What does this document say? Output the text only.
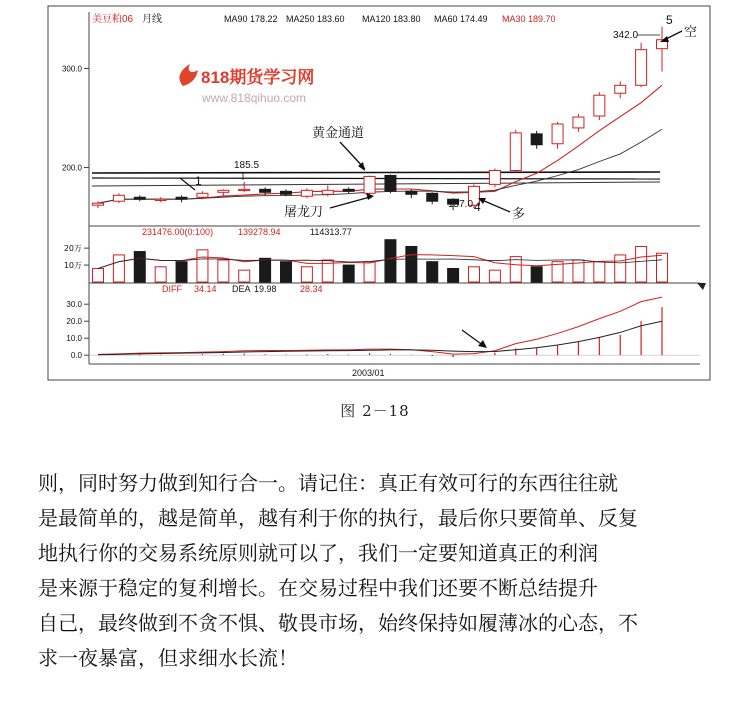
美豆粕06 月线	MA90 178.22 MA250 183.60 MA120 183.80 MA60 174.49 MA30 189.70
818期货学习网
www.818qihuo.com
300.0
200.0	185.5
157.0
342.0
黄金通道
屠龙刀	多
空
1
4
5
231476.00(0:100)	139278.94	114313.77
20万
10万
DIFF 34.14 DEA 19.98	28.34
30.0
20.0
10.0
0.0
2003/01
图 2－18
则，同时努力做到知行合一。请记住：真正有效可行的东西往往就
是最简单的，越是简单，越有利于你的执行，最后你只要简单、反复
地执行你的交易系统原则就可以了，我们一定要知道真正的利润
是来源于稳定的复利增长。在交易过程中我们还要不断总结提升
自己，最终做到不贪不惧、敬畏市场，始终保持如履薄冰的心态，不
求一夜暴富，但求细水长流！
